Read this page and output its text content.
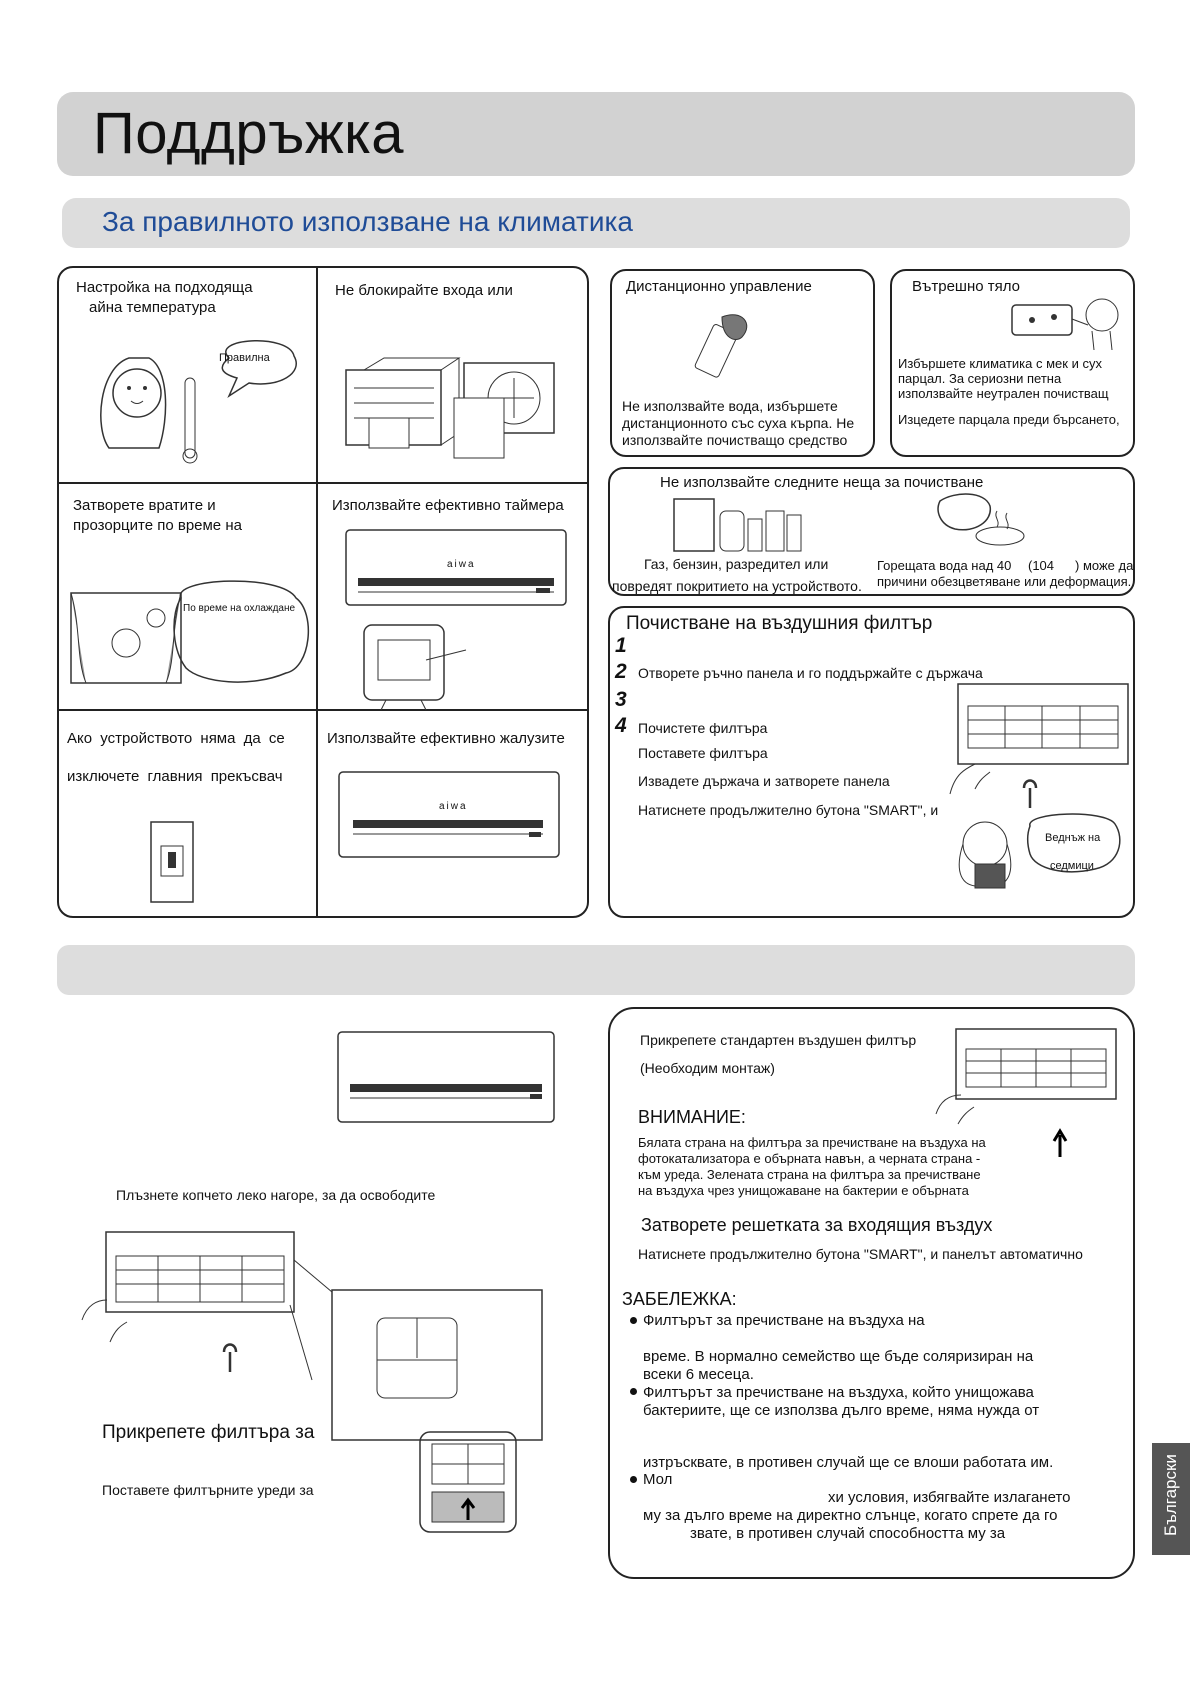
Поддръжка
За правилното използване на климатика
Настройка на подходяща
айна температура
Правилна
Не блокирайте входа или
Затворете вратите и
прозорците по време на
По време на охлаждане
Използвайте ефективно таймера
aiwa
Ако устройството няма да се
изключете главния прекъсвач
Използвайте ефективно жалузите
aiwa
Дистанционно управление
Не използвайте вода, избършете
дистанционното със суха кърпа. Не
използвайте почистващо средство
Вътрешно тяло
Избършете климатика с мек и сух
парцал. За сериозни петна
използвайте неутрален почистващ
Изцедете парцала преди бърсането,
Не използвайте следните неща за почистване
Газ, бензин, разредител или
повредят покритието на устройството.
Горещата вода над 40 (104 ) може да
причини обезцветяване или деформация.
Почистване на въздушния филтър
1
2
3
4
Отворете ръчно панела и го поддържайте с държача
Почистете филтъра
Поставете филтъра
Извадете държача и затворете панела
Натиснете продължително бутона "SMART", и
Веднъж на
седмици
Плъзнете копчето леко нагоре, за да освободите
Прикрепете филтъра за
Поставете филтърните уреди за
Прикрепете стандартен въздушен филтър
(Необходим монтаж)
ВНИМАНИЕ:
Бялата страна на филтъра за пречистване на въздуха на
фотокатализатора е обърната навън, а черната страна -
към уреда. Зелената страна на филтъра за пречистване
на въздуха чрез унищожаване на бактерии е обърната
Затворете решетката за входящия въздух
Натиснете продължително бутона "SMART", и панелът автоматично
ЗАБЕЛЕЖКА:
Филтърът за пречистване на въздуха на
време. В нормално семейство ще бъде соляризиран на
всеки 6 месеца.
Филтърът за пречистване на въздуха, който унищожава
бактериите, ще се използва дълго време, няма нужда от
изтръсквате, в противен случай ще се влоши работата им.
Мол
хи условия, избягвайте излагането
му за дълго време на директно слънце, когато спрете да го
звате, в противен случай способността му за	Български
